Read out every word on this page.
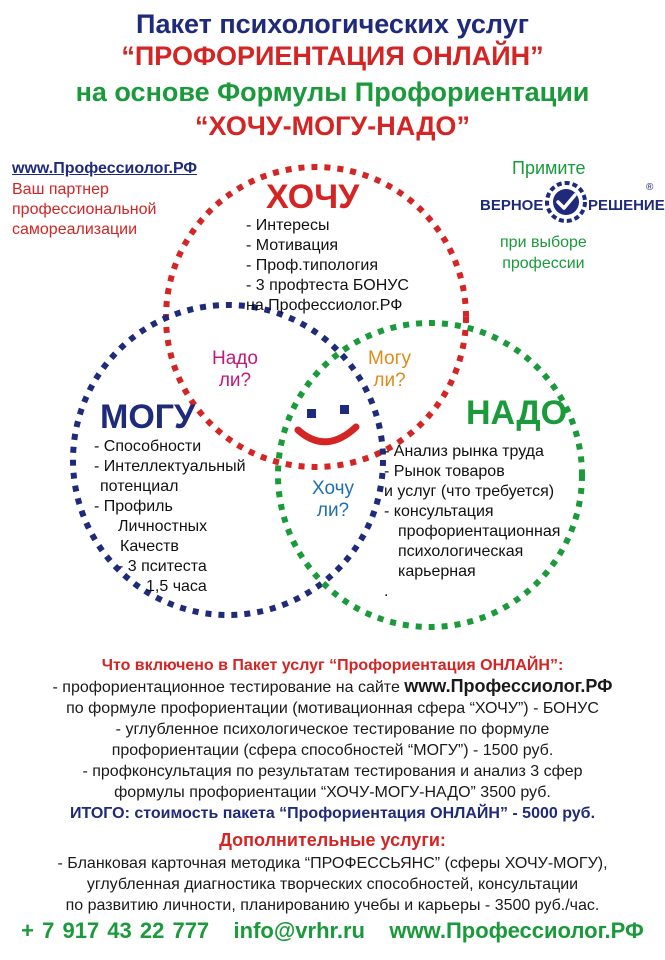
Пакет психологических услуг
“ПРОФОРИЕНТАЦИЯ ОНЛАЙН”
на основе Формулы Профориентации
“ХОЧУ-МОГУ-НАДО”
www.Профессиолог.РФ
Ваш партнер
профессиональной
самореализации
Примите
ВЕРНОЕ	РЕШЕНИЕ
®
при выборе
профессии
ХОЧУ
- Интересы
- Мотивация
- Проф.типология
- 3 профтеста БОНУС
на Профессиолог.РФ
МОГУ
- Способности
- Интеллектуальный
потенциал
- Профиль
Личностных
Качеств
- 3 пситеста
1,5 часа
НАДО
- Анализ рынка труда
- Рынок товаров
и услуг (что требуется)
- консультация
профориентационная
психологическая
карьерная
.
Надо
ли?
Могу
ли?
Хочу
ли?
Что включено в Пакет услуг “Профориентация ОНЛАЙН”:
- профориентационное тестирование на сайте www.Профессиолог.РФ
по формуле профориентации (мотивационная сфера “ХОЧУ”) - БОНУС
- углубленное психологическое тестирование по формуле
профориентации (сфера способностей “МОГУ”) - 1500 руб.
- профконсультация по результатам тестирования и анализ 3 сфер
формулы профориентации “ХОЧУ-МОГУ-НАДО” 3500 руб.
ИТОГО: стоимость пакета “Профориентация ОНЛАЙН” - 5000 руб.
Дополнительные услуги:
- Бланковая карточная методика “ПРОФЕССЬЯНС” (сферы ХОЧУ-МОГУ),
углубленная диагностика творческих способностей, консультации
по развитию личности, планированию учебы и карьеры - 3500 руб./час.
+ 7 917 43 22 777 info@vrhr.ru www.Профессиолог.РФ
